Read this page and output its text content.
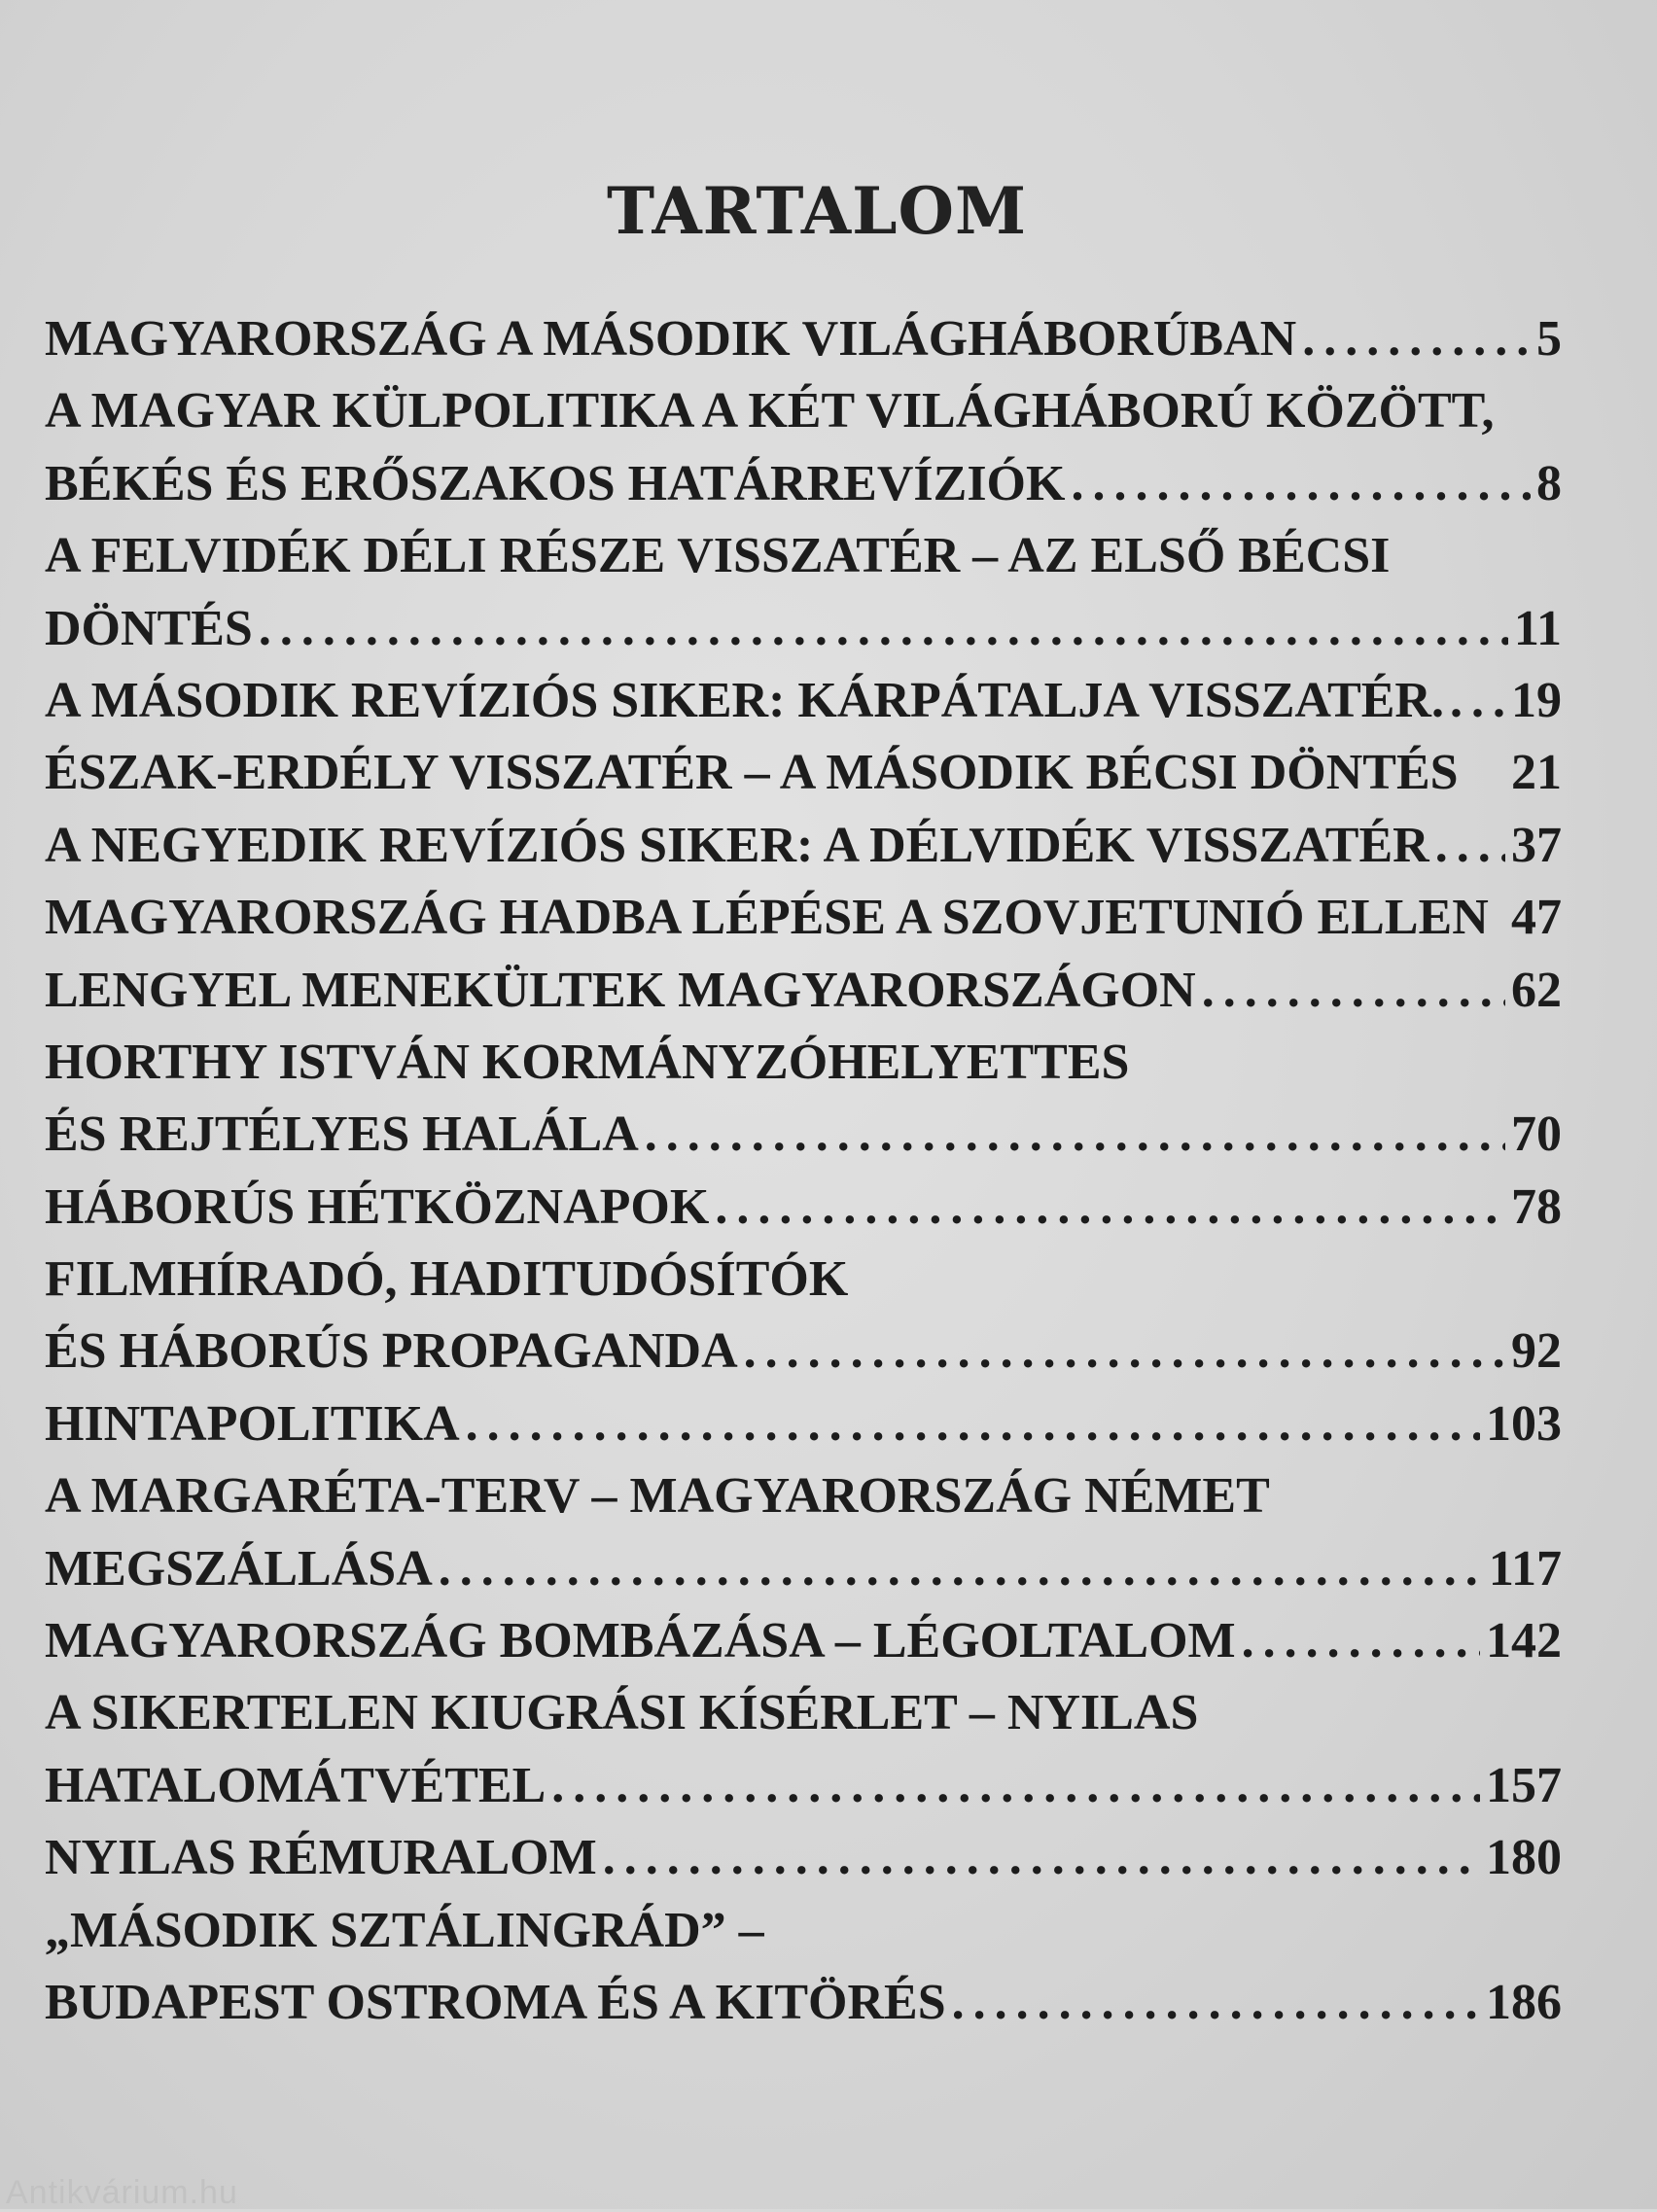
TARTALOM
MAGYARORSZÁG A MÁSODIK VILÁGHÁBORÚBAN .....	5
A MAGYAR KÜLPOLITIKA A KÉT VILÁGHÁBORÚ KÖZÖTT,
BÉKÉS ÉS ERŐSZAKOS HATÁRREVÍZIÓK .....	8
A FELVIDÉK DÉLI RÉSZE VISSZATÉR – AZ ELSŐ BÉCSI
DÖNTÉS .....	11
A MÁSODIK REVÍZIÓS SIKER: KÁRPÁTALJA VISSZATÉR. ..... 19
ÉSZAK-ERDÉLY VISSZATÉR – A MÁSODIK BÉCSI DÖNTÉS 21
A NEGYEDIK REVÍZIÓS SIKER: A DÉLVIDÉK VISSZATÉR ..... 37
MAGYARORSZÁG HADBA LÉPÉSE A SZOVJETUNIÓ ELLEN 47
LENGYEL MENEKÜLTEK MAGYARORSZÁGON .....	62
HORTHY ISTVÁN KORMÁNYZÓHELYETTES
ÉS REJTÉLYES HALÁLA .....	70
HÁBORÚS HÉTKÖZNAPOK .....	78
FILMHÍRADÓ, HADITUDÓSÍTÓK
ÉS HÁBORÚS PROPAGANDA .....	92
HINTAPOLITIKA .....	103
A MARGARÉTA-TERV – MAGYARORSZÁG NÉMET
MEGSZÁLLÁSA .....	117
MAGYARORSZÁG BOMBÁZÁSA – LÉGOLTALOM .....	142
A SIKERTELEN KIUGRÁSI KÍSÉRLET – NYILAS
HATALOMÁTVÉTEL .....	157
NYILAS RÉMURALOM .....	180
„MÁSODIK SZTÁLINGRÁD” –
BUDAPEST OSTROMA ÉS A KITÖRÉS .....	186
Antikvárium.hu
